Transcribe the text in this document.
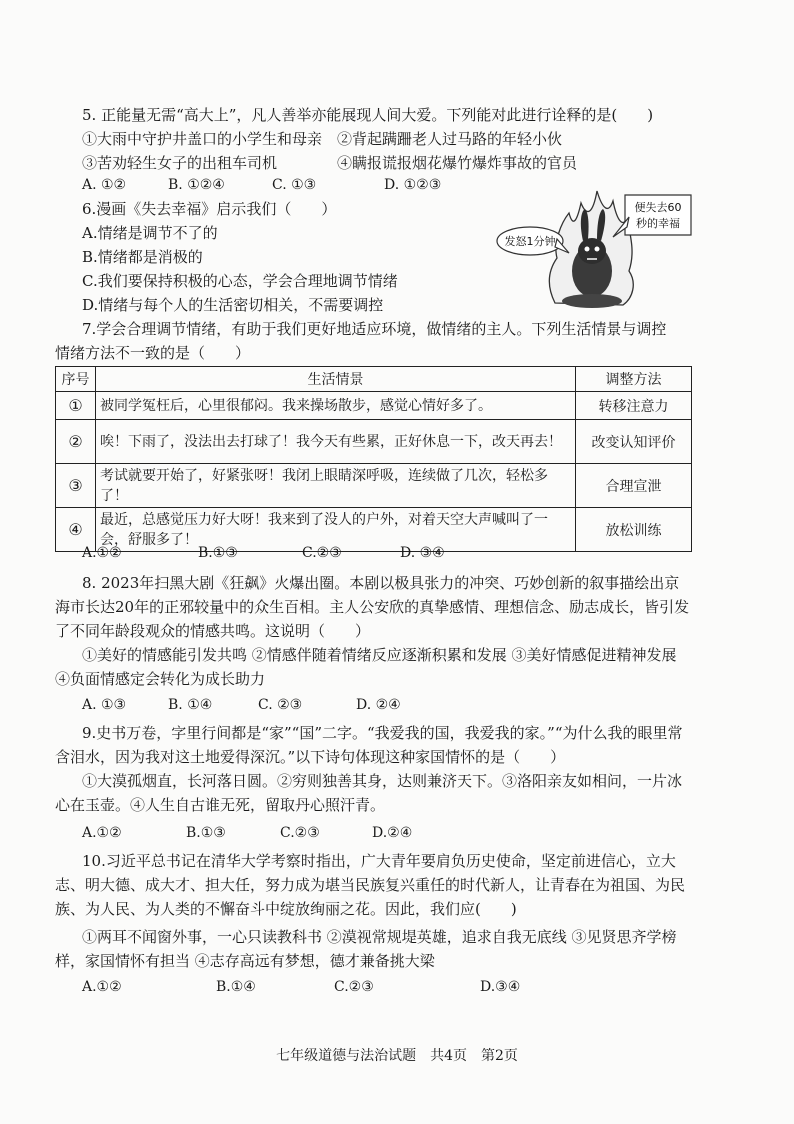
5. 正能量无需“高大上”，凡人善举亦能展现人间大爱。下列能对此进行诠释的是(　　)
①大雨中守护井盖口的小学生和母亲　②背起蹒跚老人过马路的年轻小伙
③苦劝轻生女子的出租车司机　　　　④瞒报谎报烟花爆竹爆炸事故的官员
A. ①②	B. ①②④	C. ①③	D. ①②③
6.漫画《失去幸福》启示我们（　　）
A.情绪是调节不了的
B.情绪都是消极的
C.我们要保持积极的心态，学会合理地调节情绪
D.情绪与每个人的生活密切相关，不需要调控
发怒1分钟
便失去60
秒的幸福
7.学会合理调节情绪，有助于我们更好地适应环境，做情绪的主人。下列生活情景与调控
情绪方法不一致的是（　　）
序号	生活情景	调整方法
①	被同学冤枉后，心里很郁闷。我来操场散步，感觉心情好多了。	转移注意力
②	唉！下雨了，没法出去打球了！我今天有些累，正好休息一下，改天再去！	改变认知评价
③	考试就要开始了，好紧张呀！我闭上眼睛深呼吸，连续做了几次，轻松多了！	合理宣泄
④	最近，总感觉压力好大呀！我来到了没人的户外，对着天空大声喊叫了一会，舒服多了！	放松训练
A.①②	B.①③	C.②③	D. ③④
8. 2023年扫黑大剧《狂飙》火爆出圈。本剧以极具张力的冲突、巧妙创新的叙事描绘出京海市长达20年的正邪较量中的众生百相。主人公安欣的真挚感情、理想信念、励志成长，皆引发了不同年龄段观众的情感共鸣。这说明（　　）
①美好的情感能引发共鸣 ②情感伴随着情绪反应逐渐积累和发展 ③美好情感促进精神发展 ④负面情感定会转化为成长助力
A. ①③	B. ①④	C. ②③	D. ②④
9.史书万卷，字里行间都是“家”“国”二字。“我爱我的国，我爱我的家。”“为什么我的眼里常含泪水，因为我对这土地爱得深沉。”以下诗句体现这种家国情怀的是（　　）
①大漠孤烟直，长河落日圆。②穷则独善其身，达则兼济天下。③洛阳亲友如相问，一片冰心在玉壶。④人生自古谁无死，留取丹心照汗青。
A.①②	B.①③	C.②③	D.②④
10.习近平总书记在清华大学考察时指出，广大青年要肩负历史使命，坚定前进信心，立大志、明大德、成大才、担大任，努力成为堪当民族复兴重任的时代新人，让青春在为祖国、为民族、为人民、为人类的不懈奋斗中绽放绚丽之花。因此，我们应(　　)
①两耳不闻窗外事，一心只读教科书 ②漠视常规堤英雄，追求自我无底线 ③见贤思齐学榜样，家国情怀有担当 ④志存高远有梦想，德才兼备挑大梁
A.①②	B.①④	C.②③	D.③④
七年级道德与法治试题　共4页　第2页
